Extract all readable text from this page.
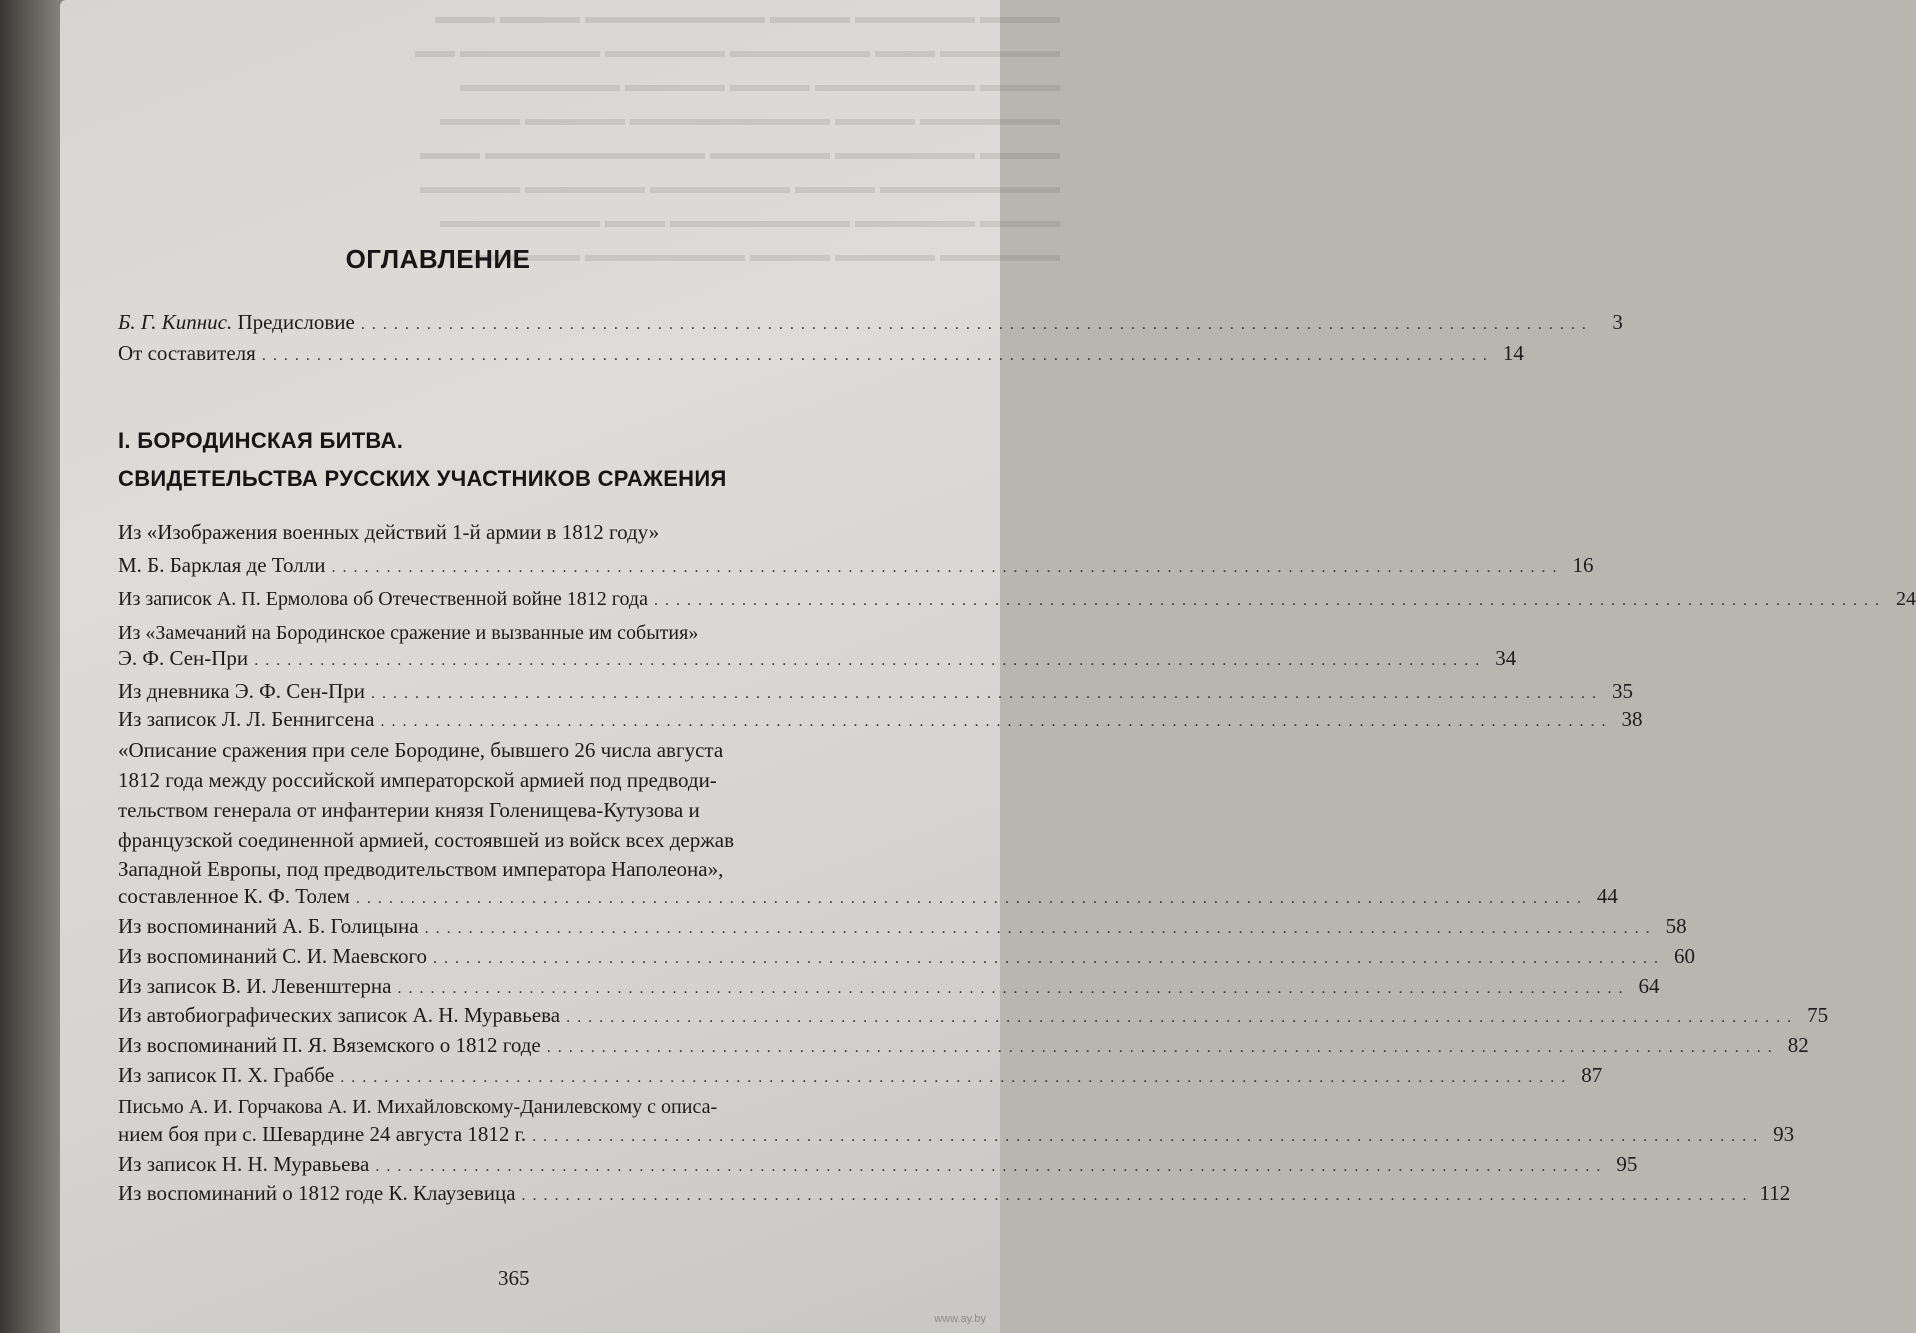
▬▬▬▬ ▬▬▬▬▬▬ ▬▬▬▬ ▬▬▬▬▬▬▬▬▬ ▬▬▬▬ ▬▬▬
▬▬▬▬▬▬ ▬▬▬ ▬▬▬▬▬▬▬ ▬▬▬▬▬▬ ▬▬▬▬▬▬▬ ▬▬
▬▬▬▬ ▬▬▬▬▬▬▬▬ ▬▬▬▬ ▬▬▬▬▬ ▬▬▬▬▬▬▬▬
▬▬▬▬▬▬▬ ▬▬▬▬ ▬▬▬▬▬▬▬▬▬▬ ▬▬▬▬▬ ▬▬▬▬
▬▬▬▬ ▬▬▬▬▬▬▬ ▬▬▬▬▬▬ ▬▬▬▬▬▬▬▬▬▬▬ ▬▬▬
▬▬▬▬▬▬▬▬▬ ▬▬▬▬ ▬▬▬▬▬▬▬ ▬▬▬▬▬▬ ▬▬▬▬▬
▬▬▬▬ ▬▬▬▬▬▬ ▬▬▬▬▬▬▬▬▬ ▬▬▬ ▬▬▬▬▬▬▬▬
▬▬▬▬▬▬ ▬▬▬▬▬ ▬▬▬▬ ▬▬▬▬▬▬▬▬ ▬▬▬▬▬▬
ОГЛАВЛЕНИЕ
Б. Г. Кипнис. Предисловие ................................................................................................................ 3
От составителя ................................................................................................................ 14
I. БОРОДИНСКАЯ БИТВА.
СВИДЕТЕЛЬСТВА РУССКИХ УЧАСТНИКОВ СРАЖЕНИЯ
Из «Изображения военных действий 1-й армии в 1812 году»
М. Б. Барклая де Толли ................................................................................................................ 16
Из записок А. П. Ермолова об Отечественной войне 1812 года ................................................................................................................ 24
Из «Замечаний на Бородинское сражение и вызванные им события»
Э. Ф. Сен-При ................................................................................................................ 34
Из дневника Э. Ф. Сен-При ................................................................................................................ 35
Из записок Л. Л. Беннигсена ................................................................................................................ 38
«Описание сражения при селе Бородине, бывшего 26 числа августа
1812 года между российской императорской армией под предводи-
тельством генерала от инфантерии князя Голенищева-Кутузова и
французской соединенной армией, состоявшей из войск всех держав
Западной Европы, под предводительством императора Наполеона»,
составленное К. Ф. Толем ................................................................................................................ 44
Из воспоминаний А. Б. Голицына ................................................................................................................ 58
Из воспоминаний С. И. Маевского ................................................................................................................ 60
Из записок В. И. Левенштерна ................................................................................................................ 64
Из автобиографических записок А. Н. Муравьева ................................................................................................................ 75
Из воспоминаний П. Я. Вяземского о 1812 годе ................................................................................................................ 82
Из записок П. Х. Граббе ................................................................................................................ 87
Письмо А. И. Горчакова А. И. Михайловскому-Данилевскому с описа-
нием боя при с. Шевардине 24 августа 1812 г. ................................................................................................................ 93
Из записок Н. Н. Муравьева ................................................................................................................ 95
Из воспоминаний о 1812 годе К. Клаузевица ................................................................................................................ 112
365
www.ay.by
